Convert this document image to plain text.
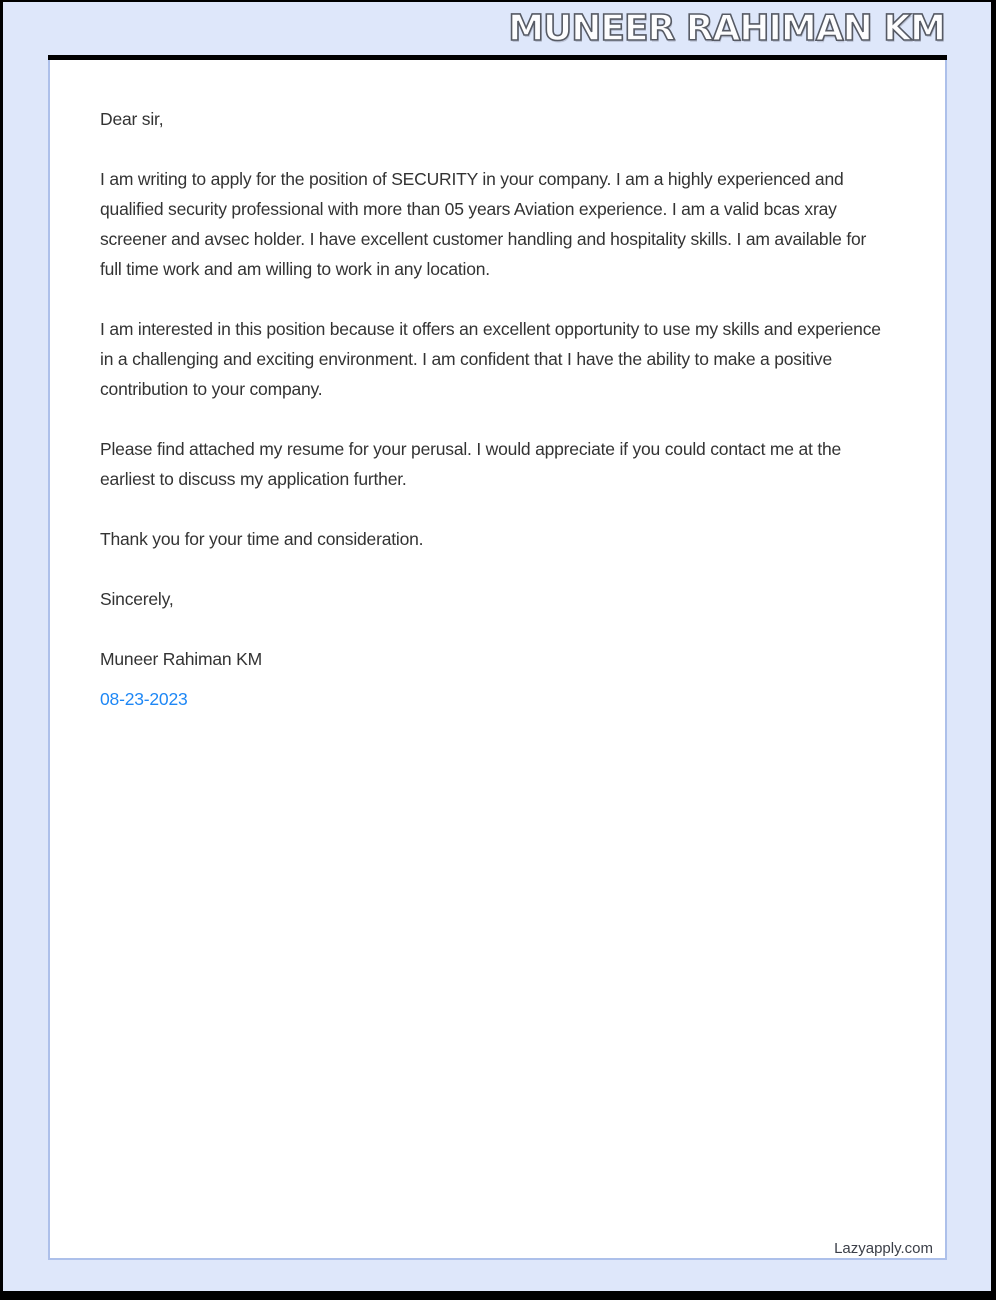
MUNEER RAHIMAN KM

Dear sir,

I am writing to apply for the position of SECURITY in your company. I am a highly experienced and qualified security professional with more than 05 years Aviation experience. I am a valid bcas xray screener and avsec holder. I have excellent customer handling and hospitality skills. I am available for full time work and am willing to work in any location.

I am interested in this position because it offers an excellent opportunity to use my skills and experience in a challenging and exciting environment. I am confident that I have the ability to make a positive contribution to your company.

Please find attached my resume for your perusal. I would appreciate if you could contact me at the earliest to discuss my application further.

Thank you for your time and consideration.

Sincerely,

Muneer Rahiman KM

08-23-2023

Lazyapply.com
